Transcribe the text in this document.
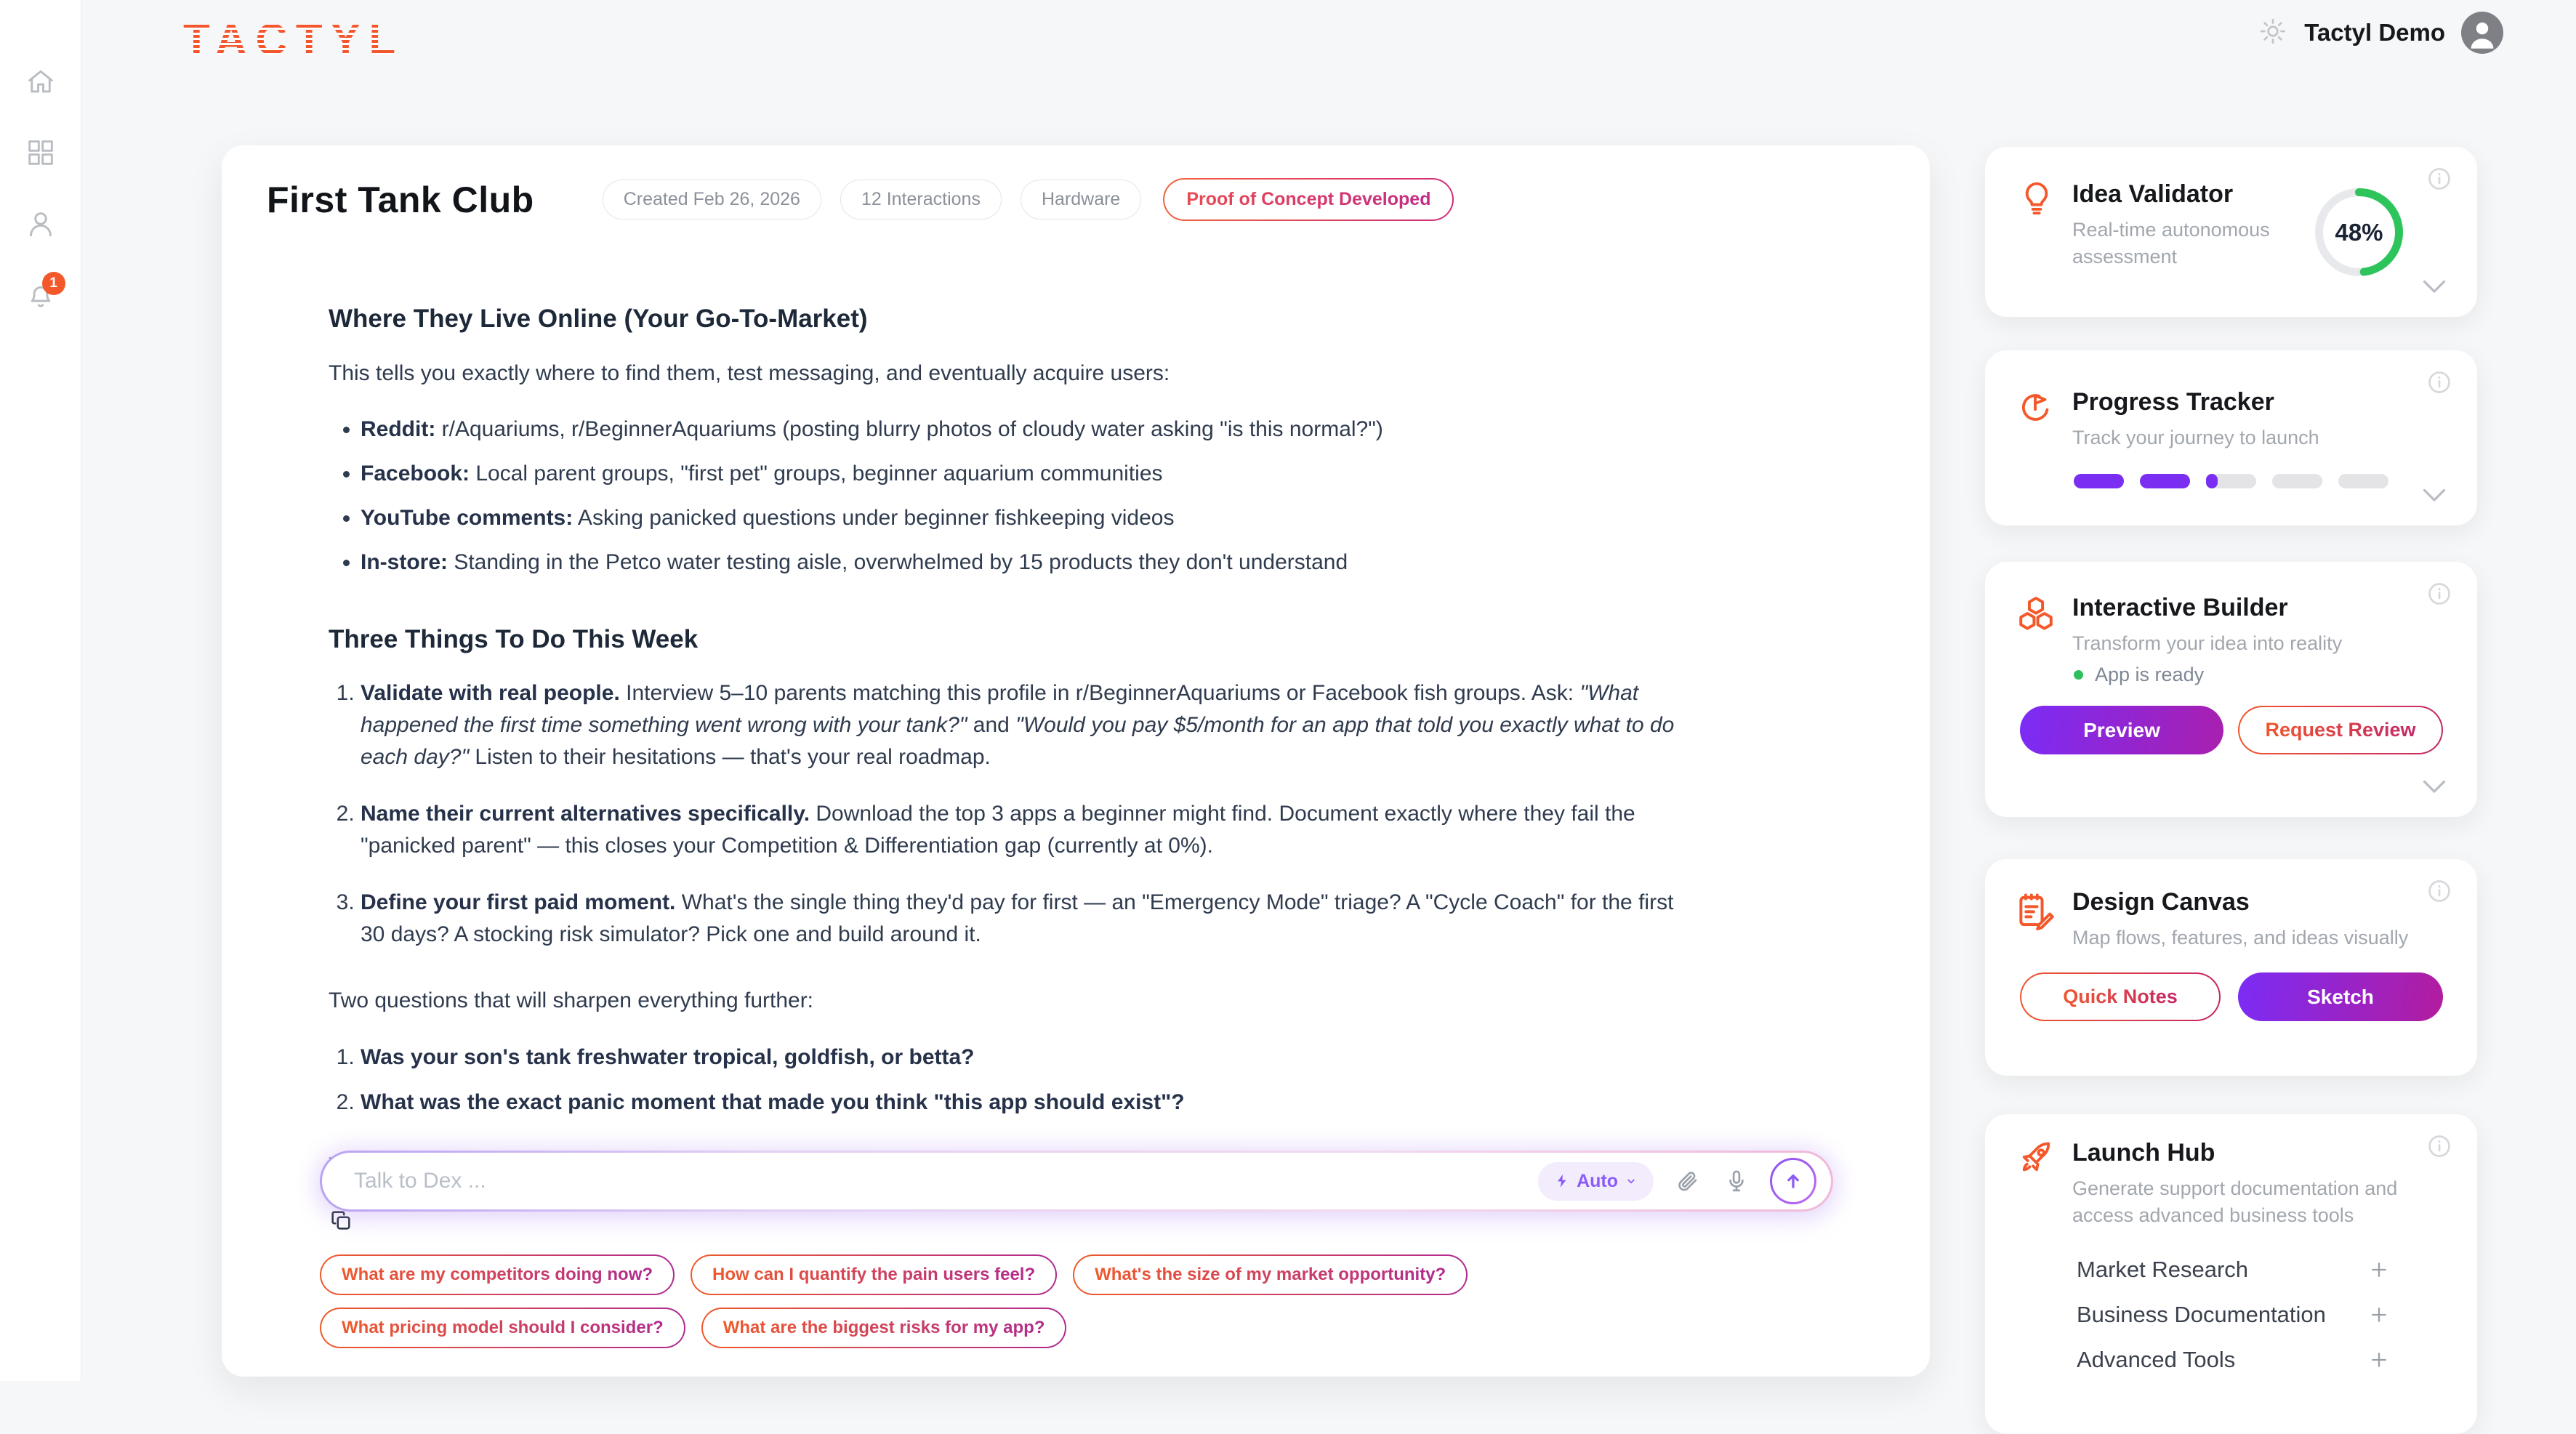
1
TACTYL	Tactyl Demo
First Tank Club	Created Feb 26, 2026	12 Interactions	Hardware	Proof of Concept Developed
Where They Live Online (Your Go-To-Market)

This tells you exactly where to find them, test messaging, and eventually acquire users:

• Reddit: r/Aquariums, r/BeginnerAquariums (posting blurry photos of cloudy water asking "is this normal?")
• Facebook: Local parent groups, "first pet" groups, beginner aquarium communities
• YouTube comments: Asking panicked questions under beginner fishkeeping videos
• In-store: Standing in the Petco water testing aisle, overwhelmed by 15 products they don't understand
Three Things To Do This Week
1. Validate with real people. Interview 5–10 parents matching this profile in r/BeginnerAquariums or Facebook fish groups. Ask: "What happened the first time something went wrong with your tank?" and "Would you pay $5/month for an app that told you exactly what to do each day?" Listen to their hesitations — that's your real roadmap.
2. Name their current alternatives specifically. Download the top 3 apps a beginner might find. Document exactly where they fail the "panicked parent" — this closes your Competition & Differentiation gap (currently at 0%).
3. Define your first paid moment. What's the single thing they'd pay for first — an "Emergency Mode" triage? A "Cycle Coach" for the first 30 days? A stocking risk simulator? Pick one and build around it.

Two questions that will sharpen everything further:

1. Was your son's tank freshwater tropical, goldfish, or betta?
2. What was the exact panic moment that made you think "this app should exist"?

Talk to Dex ...
Auto
What are my competitors doing now?	How can I quantify the pain users feel?	What's the size of my market opportunity?
What pricing model should I consider?	What are the biggest risks for my app?
Idea Validator

Real-time autonomous assessment

48%
Progress Tracker

Track your journey to launch

Interactive Builder

Transform your idea into reality

App is ready
Preview	Request Review
Design Canvas

Map flows, features, and ideas visually

Quick Notes	Sketch
Launch Hub

Generate support documentation and access advanced business tools

Market Research
Business Documentation
Advanced Tools
